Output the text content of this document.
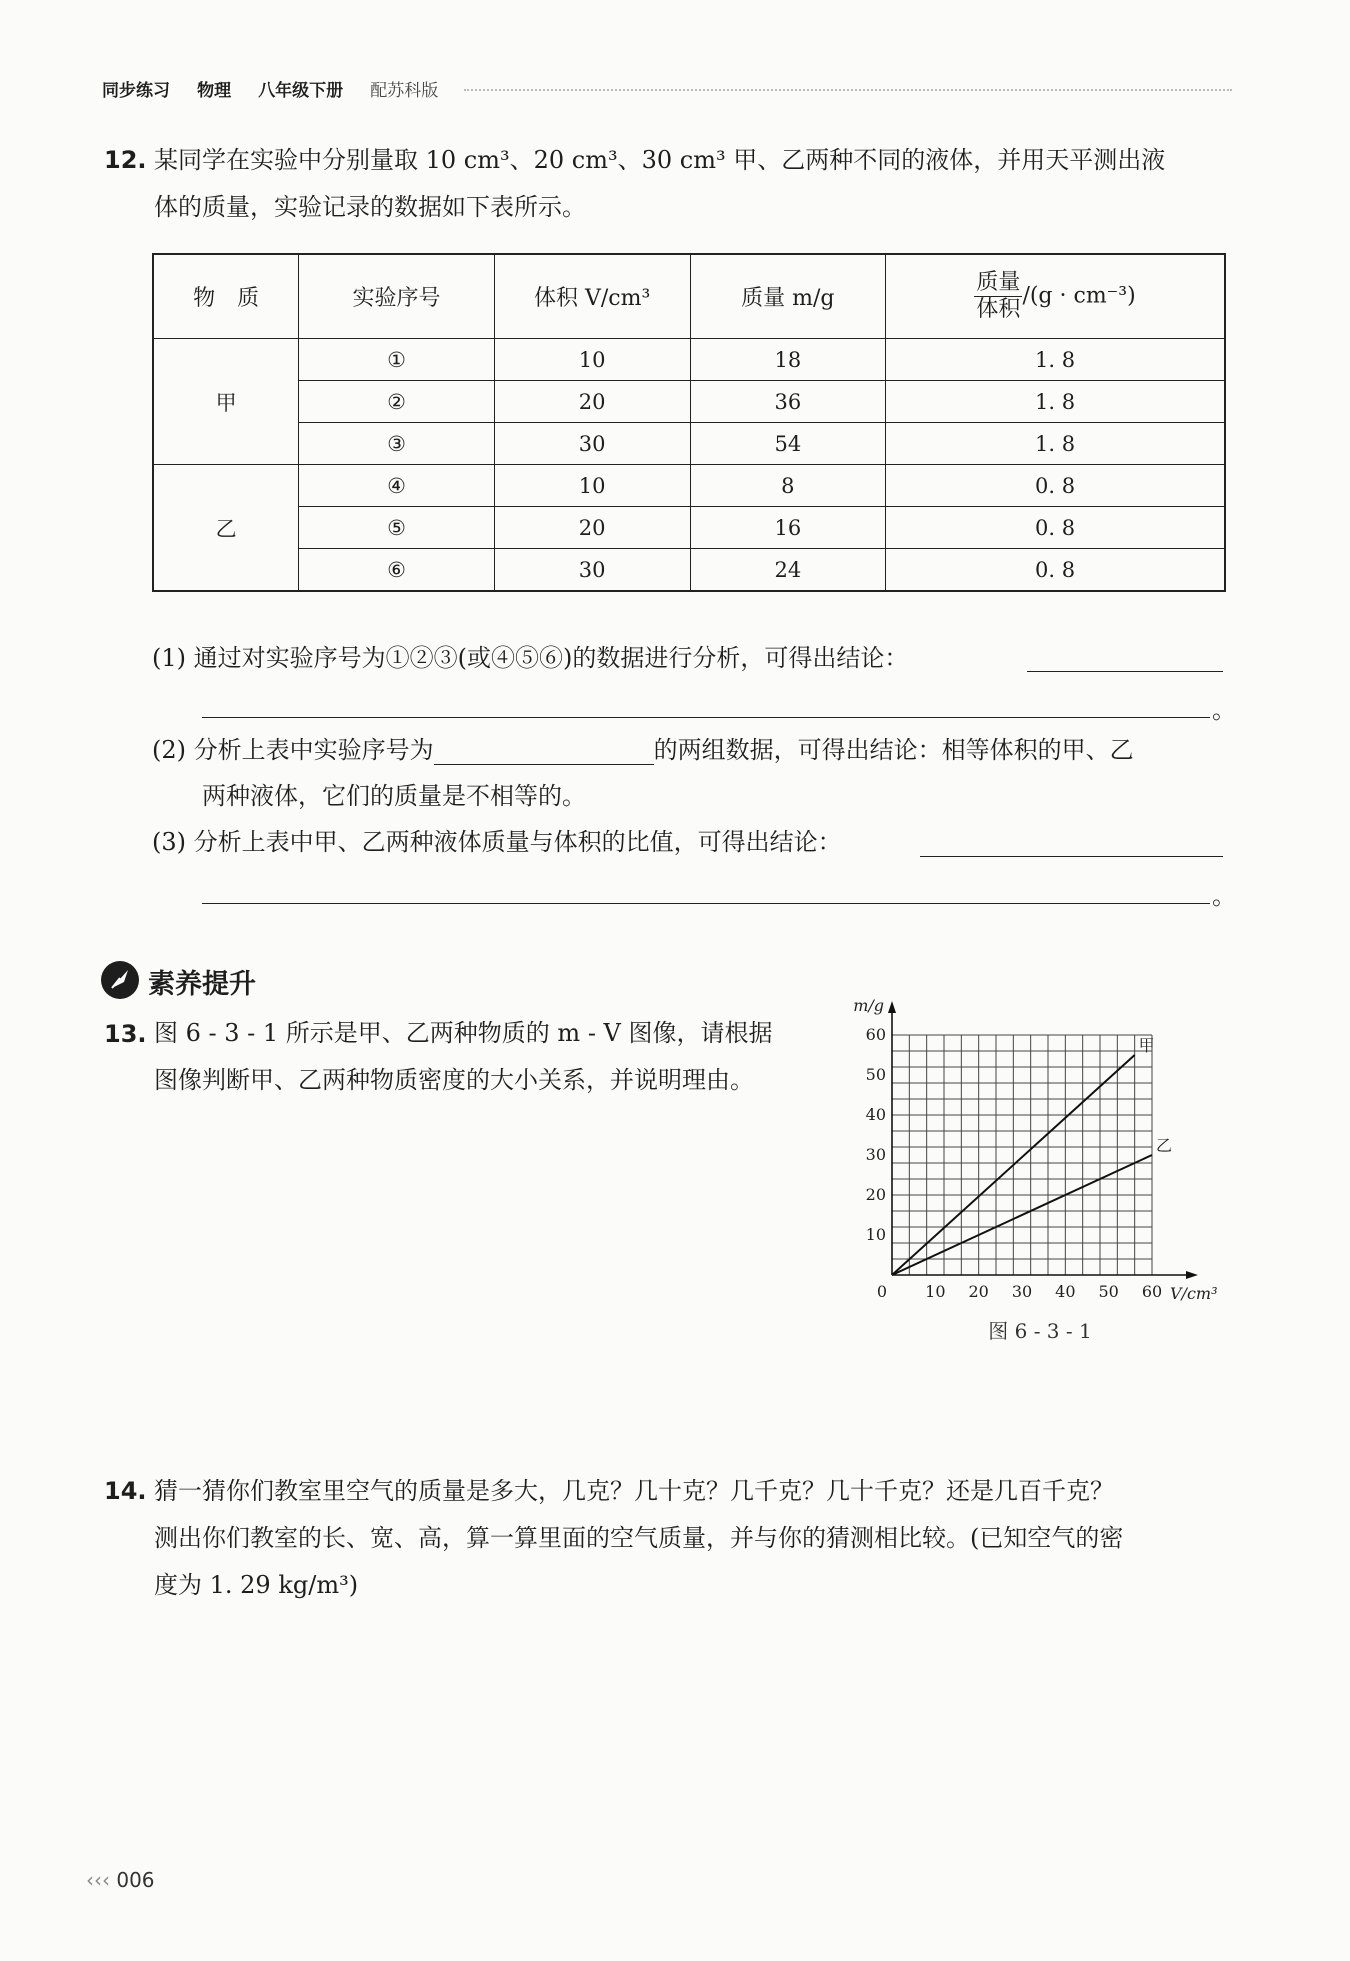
同步练习 物理 八年级下册 配苏科版
12. 某同学在实验中分别量取 10 cm³、20 cm³、30 cm³ 甲、乙两种不同的液体，并用天平测出液
体的质量，实验记录的数据如下表所示。
物　质	实验序号	体积 V/cm³	质量 m/g	$\frac{\text{质量}}{\text{体积}} /(g \cdot cm^{-3})$
甲	①	10	18	1. 8
	②	20	36	1. 8
	③	30	54	1. 8
乙	④	10	8	0. 8
	⑤	20	16	0. 8
	⑥	30	24	0. 8
(1) 通过对实验序号为①②③(或④⑤⑥)的数据进行分析，可得出结论：
。
(2) 分析上表中实验序号为	的两组数据，可得出结论：相等体积的甲、乙
两种液体，它们的质量是不相等的。
(3) 分析上表中甲、乙两种液体质量与体积的比值，可得出结论：
。
素养提升
13. 图 6 - 3 - 1 所示是甲、乙两种物质的 m - V 图像，请根据
图像判断甲、乙两种物质密度的大小关系，并说明理由。
10 20 30 40 50 60
10
20
30
40
50
60
0	V/cm³
m/g
甲
乙
图 6 - 3 - 1
14. 猜一猜你们教室里空气的质量是多大，几克？几十克？几千克？几十千克？还是几百千克？
测出你们教室的长、宽、高，算一算里面的空气质量，并与你的猜测相比较。(已知空气的密
度为 1. 29 kg/m³)
‹‹‹ 006
